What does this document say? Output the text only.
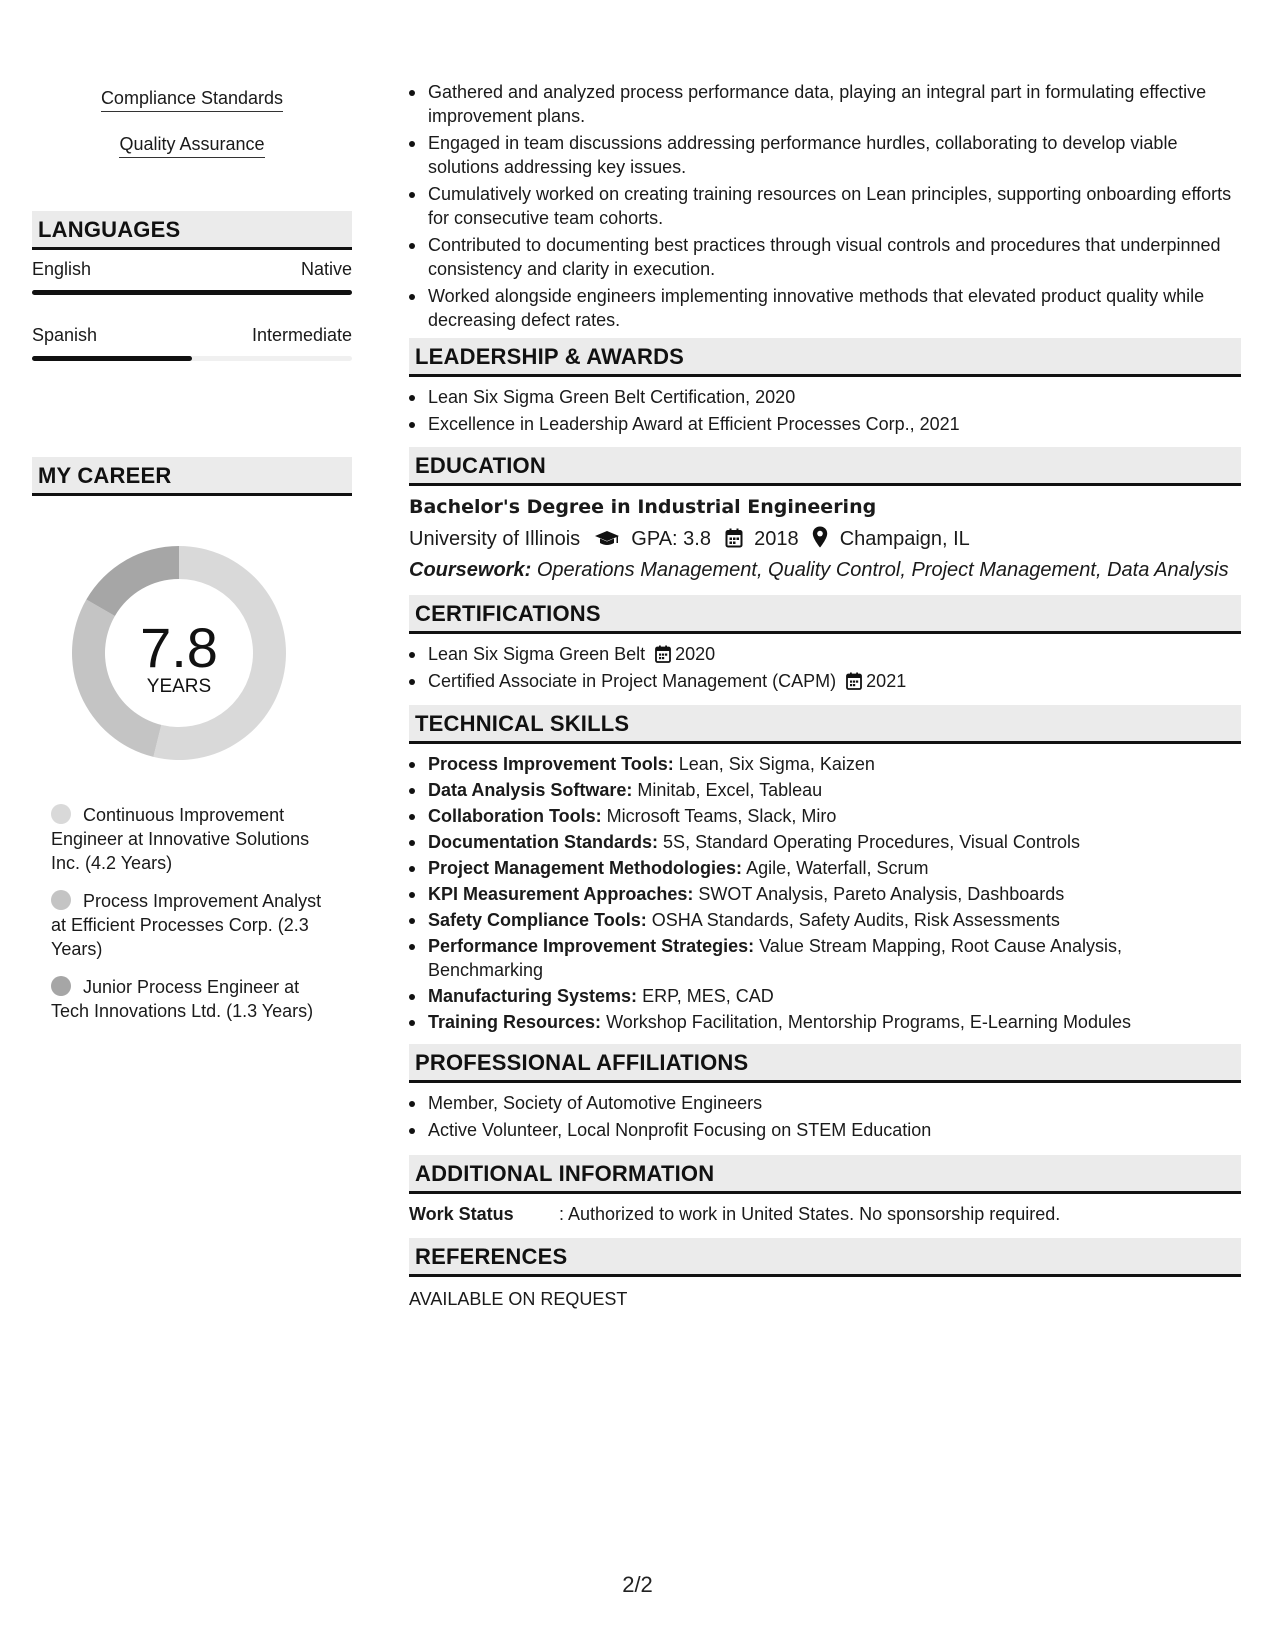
Compliance Standards
Quality Assurance
LANGUAGES
English	Native
Spanish	Intermediate
MY CAREER
7.8
YEARS
Continuous Improvement Engineer at Innovative Solutions Inc. (4.2 Years)
Process Improvement Analyst at Efficient Processes Corp. (2.3 Years)
Junior Process Engineer at Tech Innovations Ltd. (1.3 Years)
Gathered and analyzed process performance data, playing an integral part in formulating effective improvement plans.
Engaged in team discussions addressing performance hurdles, collaborating to develop viable solutions addressing key issues.
Cumulatively worked on creating training resources on Lean principles, supporting onboarding efforts for consecutive team cohorts.
Contributed to documenting best practices through visual controls and procedures that underpinned consistency and clarity in execution.
Worked alongside engineers implementing innovative methods that elevated product quality while decreasing defect rates.
LEADERSHIP & AWARDS
Lean Six Sigma Green Belt Certification, 2020
Excellence in Leadership Award at Efficient Processes Corp., 2021
EDUCATION
Bachelor's Degree in Industrial Engineering
University of Illinois	GPA: 3.8 2018 Champaign, IL
Coursework: Operations Management, Quality Control, Project Management, Data Analysis
CERTIFICATIONS
Lean Six Sigma Green Belt 2020
Certified Associate in Project Management (CAPM) 2021
TECHNICAL SKILLS
Process Improvement Tools: Lean, Six Sigma, Kaizen
Data Analysis Software: Minitab, Excel, Tableau
Collaboration Tools: Microsoft Teams, Slack, Miro
Documentation Standards: 5S, Standard Operating Procedures, Visual Controls
Project Management Methodologies: Agile, Waterfall, Scrum
KPI Measurement Approaches: SWOT Analysis, Pareto Analysis, Dashboards
Safety Compliance Tools: OSHA Standards, Safety Audits, Risk Assessments
Performance Improvement Strategies: Value Stream Mapping, Root Cause Analysis, Benchmarking
Manufacturing Systems: ERP, MES, CAD
Training Resources: Workshop Facilitation, Mentorship Programs, E-Learning Modules
PROFESSIONAL AFFILIATIONS
Member, Society of Automotive Engineers
Active Volunteer, Local Nonprofit Focusing on STEM Education
ADDITIONAL INFORMATION
Work Status	: Authorized to work in United States. No sponsorship required.
REFERENCES
AVAILABLE ON REQUEST
2/2
